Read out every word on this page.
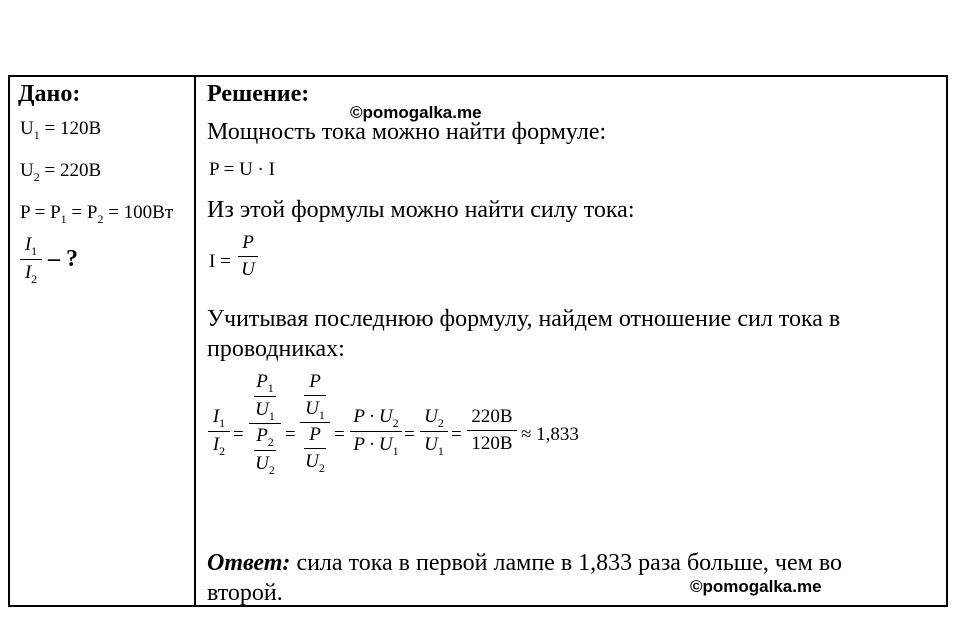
Дано:
$U_1 = 120В$
$U_2 = 220В$
$P = P_1 = P_2 = 100Вт$
$I_1$
$I_2$
– ?
Решение:
©pomogalka.me
Мощность тока можно найти формуле:
P = U · I
Из этой формулы можно найти силу тока:
I =
P
U
Учитывая последнюю формулу, найдем отношение сил тока в
проводниках:
$I_1$
$I_2$
=
$\frac{P_1}{U_1}$
$\frac{P_2}{U_2}$ =
$\frac{P}{U_1}$
$\frac{P}{U_2}$ =
$P \cdot U_2$
$P \cdot U_1$
=
$U_2$
$U_1$
=
220В
120В ≈ 1,833
Ответ: сила тока в первой лампе в 1,833 раза больше, чем во
второй.	©pomogalka.me
